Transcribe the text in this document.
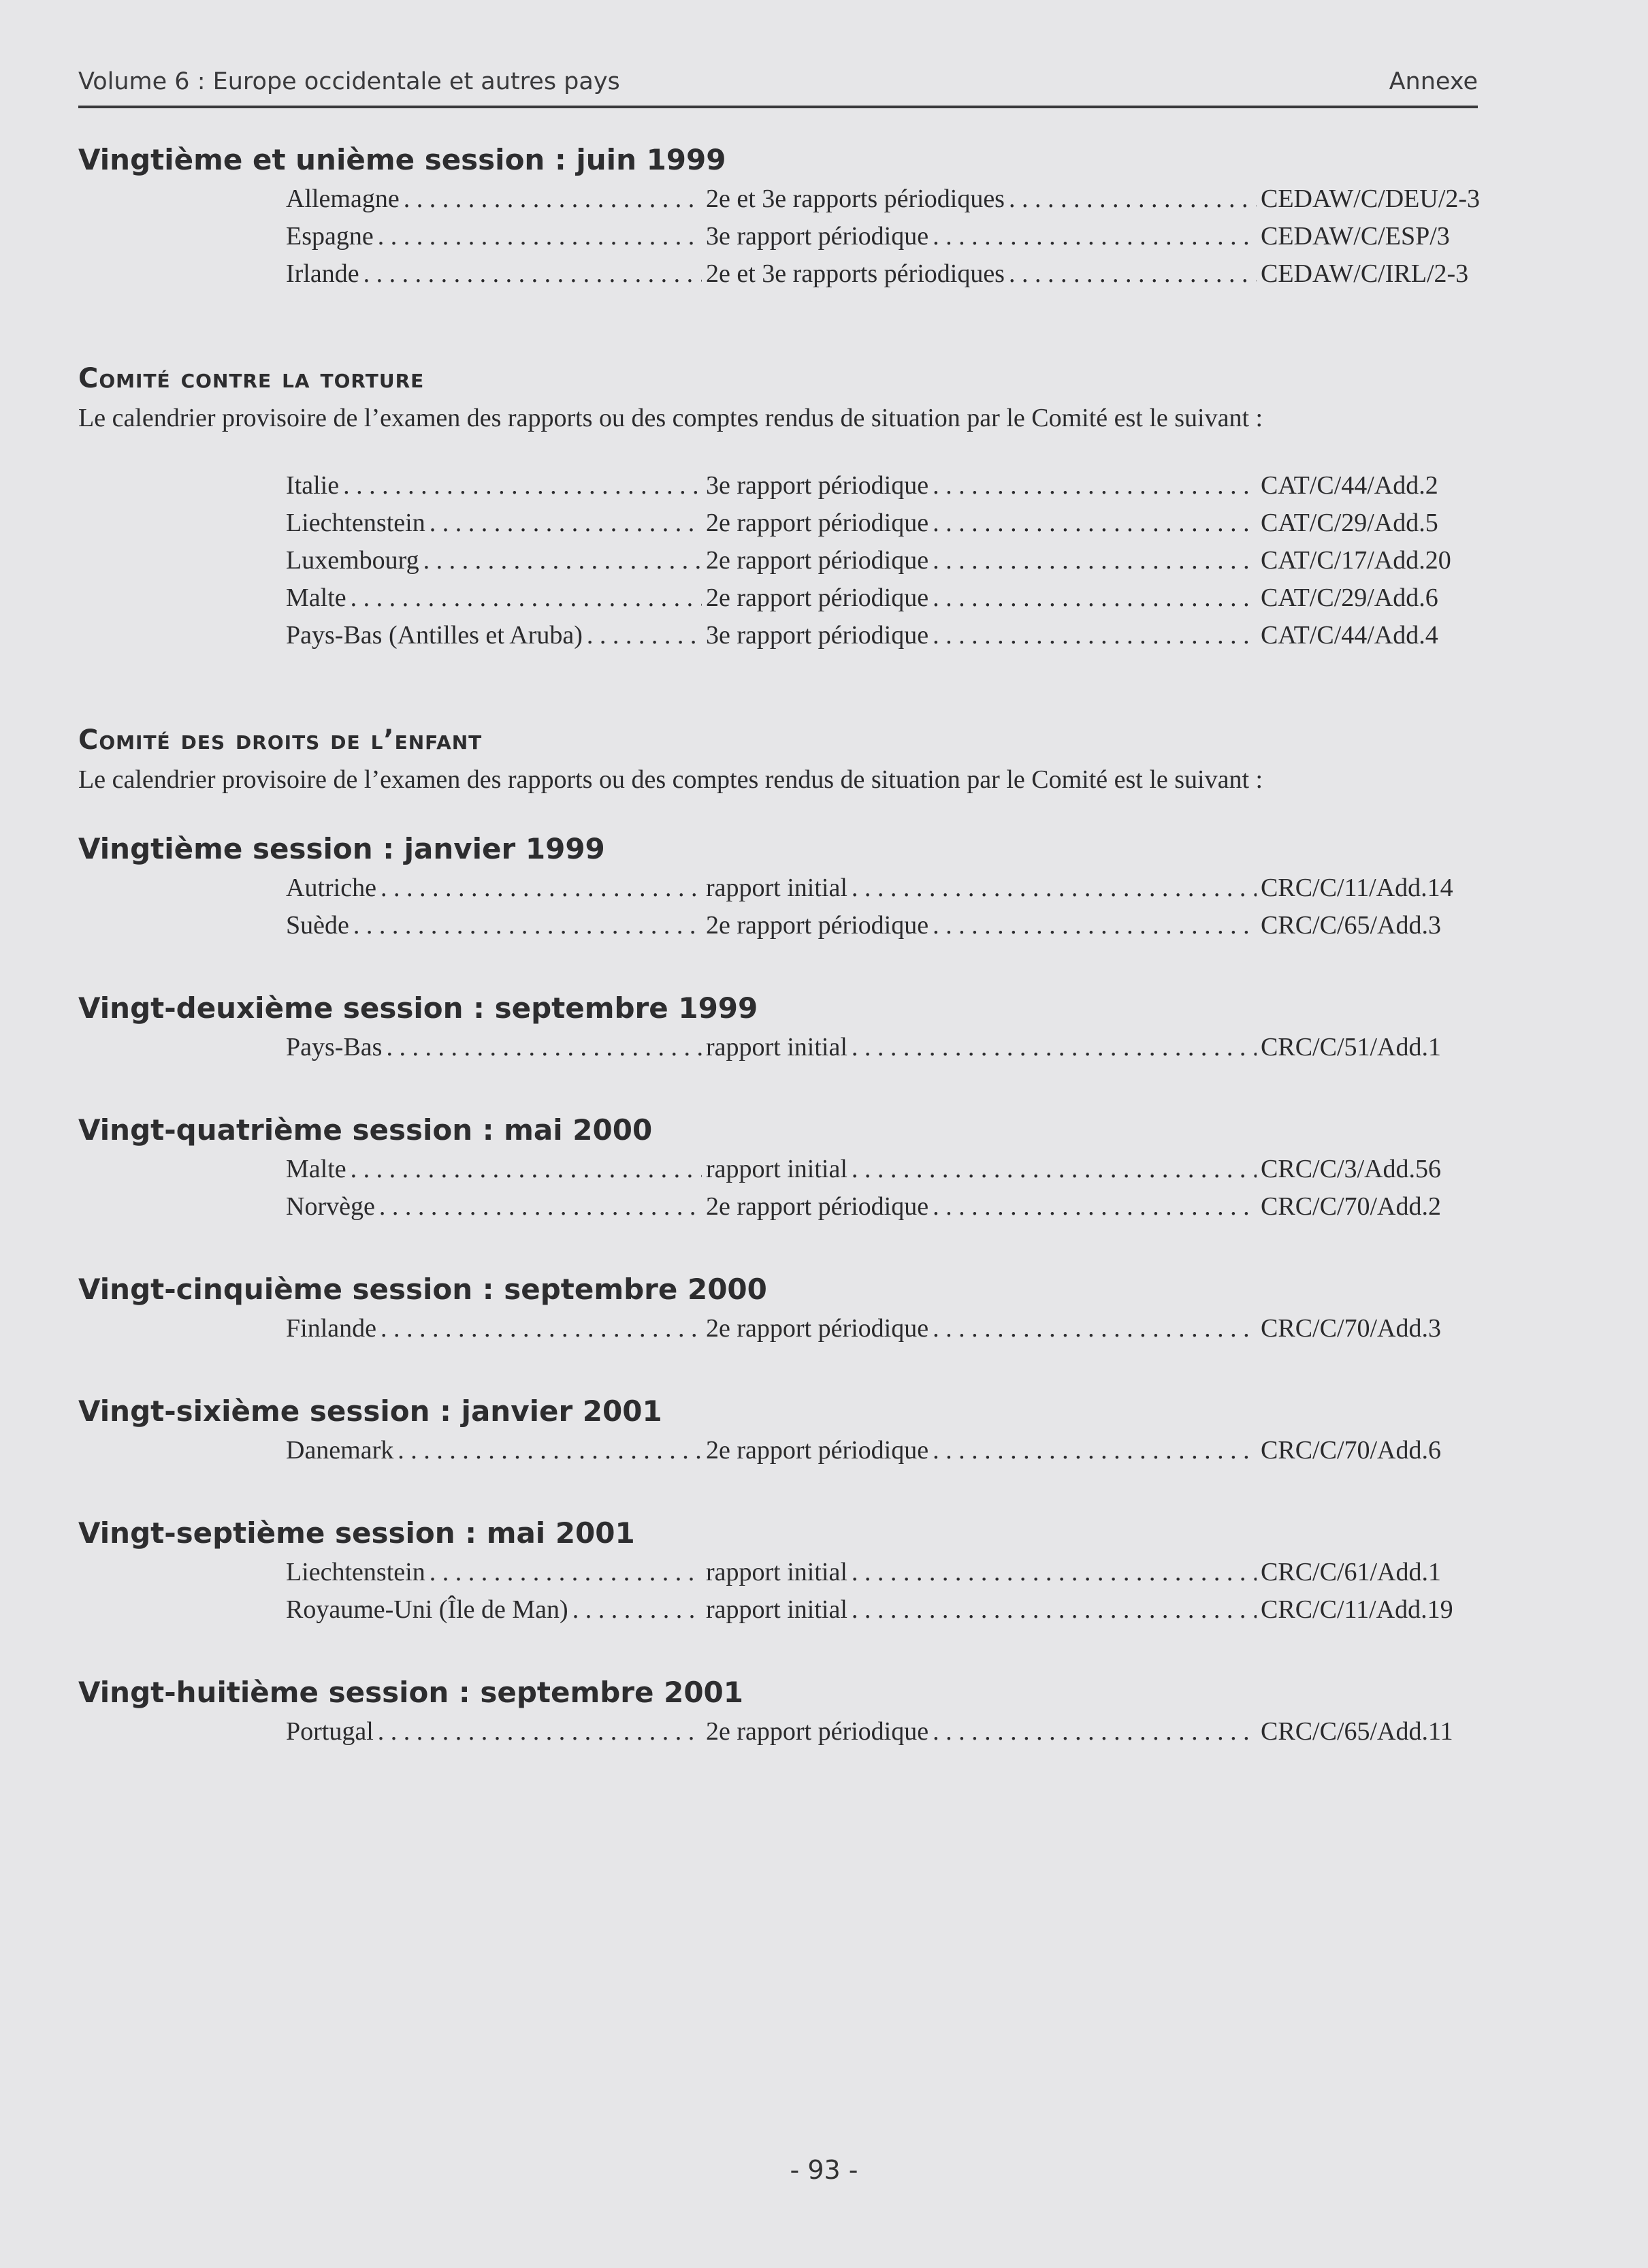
Volume 6 : Europe occidentale et autres pays	Annexe
Vingtième et unième session : juin 1999
Allemagne . . .	2e et 3e rapports périodiques . . .	CEDAW/C/DEU/2-3
Espagne . . .	3e rapport périodique . . .	CEDAW/C/ESP/3
Irlande . . .	2e et 3e rapports périodiques . . .	CEDAW/C/IRL/2-3
Comité contre la torture

Le calendrier provisoire de l’examen des rapports ou des comptes rendus de situation par le Comité est le suivant :

Italie . . .	3e rapport périodique . . .	CAT/C/44/Add.2
Liechtenstein . . .	2e rapport périodique . . .	CAT/C/29/Add.5
Luxembourg . . .	2e rapport périodique . . .	CAT/C/17/Add.20
Malte . . .	2e rapport périodique . . .	CAT/C/29/Add.6
Pays-Bas (Antilles et Aruba) . . .	3e rapport périodique . . .	CAT/C/44/Add.4
Comité des droits de l’enfant

Le calendrier provisoire de l’examen des rapports ou des comptes rendus de situation par le Comité est le suivant :

Vingtième session : janvier 1999
Autriche . . .	rapport initial . . .	CRC/C/11/Add.14
Suède . . .	2e rapport périodique . . .	CRC/C/65/Add.3
Vingt-deuxième session : septembre 1999
Pays-Bas . . .	rapport initial . . .	CRC/C/51/Add.1
Vingt-quatrième session : mai 2000
Malte . . .	rapport initial . . .	CRC/C/3/Add.56
Norvège . . .	2e rapport périodique . . .	CRC/C/70/Add.2
Vingt-cinquième session : septembre 2000
Finlande . . .	2e rapport périodique . . .	CRC/C/70/Add.3
Vingt-sixième session : janvier 2001
Danemark . . .	2e rapport périodique . . .	CRC/C/70/Add.6
Vingt-septième session : mai 2001
Liechtenstein . . .	rapport initial . . .	CRC/C/61/Add.1
Royaume-Uni (Île de Man) . . .	rapport initial . . .	CRC/C/11/Add.19
Vingt-huitième session : septembre 2001
Portugal . . .	2e rapport périodique . . .	CRC/C/65/Add.11
- 93 -
